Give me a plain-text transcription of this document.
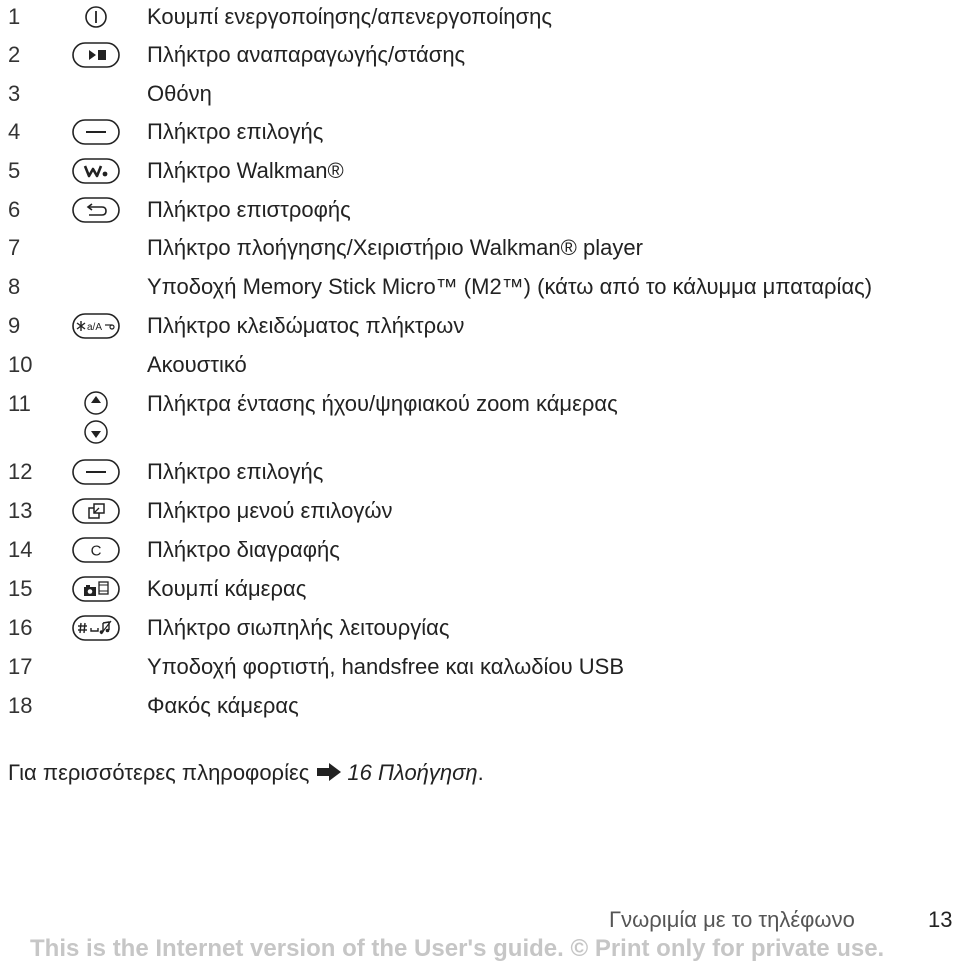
1	Κουμπί ενεργοποίησης/απενεργοποίησης
2	Πλήκτρο αναπαραγωγής/στάσης
3	Οθόνη
4	Πλήκτρο επιλογής
5	Πλήκτρο Walkman®
6	Πλήκτρο επιστροφής
7	Πλήκτρο πλοήγησης/Χειριστήριο Walkman® player
8	Υποδοχή Memory Stick Micro™ (M2™) (κάτω από το κάλυμμα μπαταρίας)
9	a/A Πλήκτρο κλειδώματος πλήκτρων
10	Ακουστικό
11	Πλήκτρα έντασης ήχου/ψηφιακού zoom κάμερας
12	Πλήκτρο επιλογής
13	Πλήκτρο μενού επιλογών
14	C Πλήκτρο διαγραφής
15	Κουμπί κάμερας
16	Πλήκτρο σιωπηλής λειτουργίας
17	Υποδοχή φορτιστή, handsfree και καλωδίου USB
18	Φακός κάμερας
Για περισσότερες πληροφορίες 16 Πλοήγηση.
Γνωριμία με το τηλέφωνο	13
This is the Internet version of the User's guide. © Print only for private use.
